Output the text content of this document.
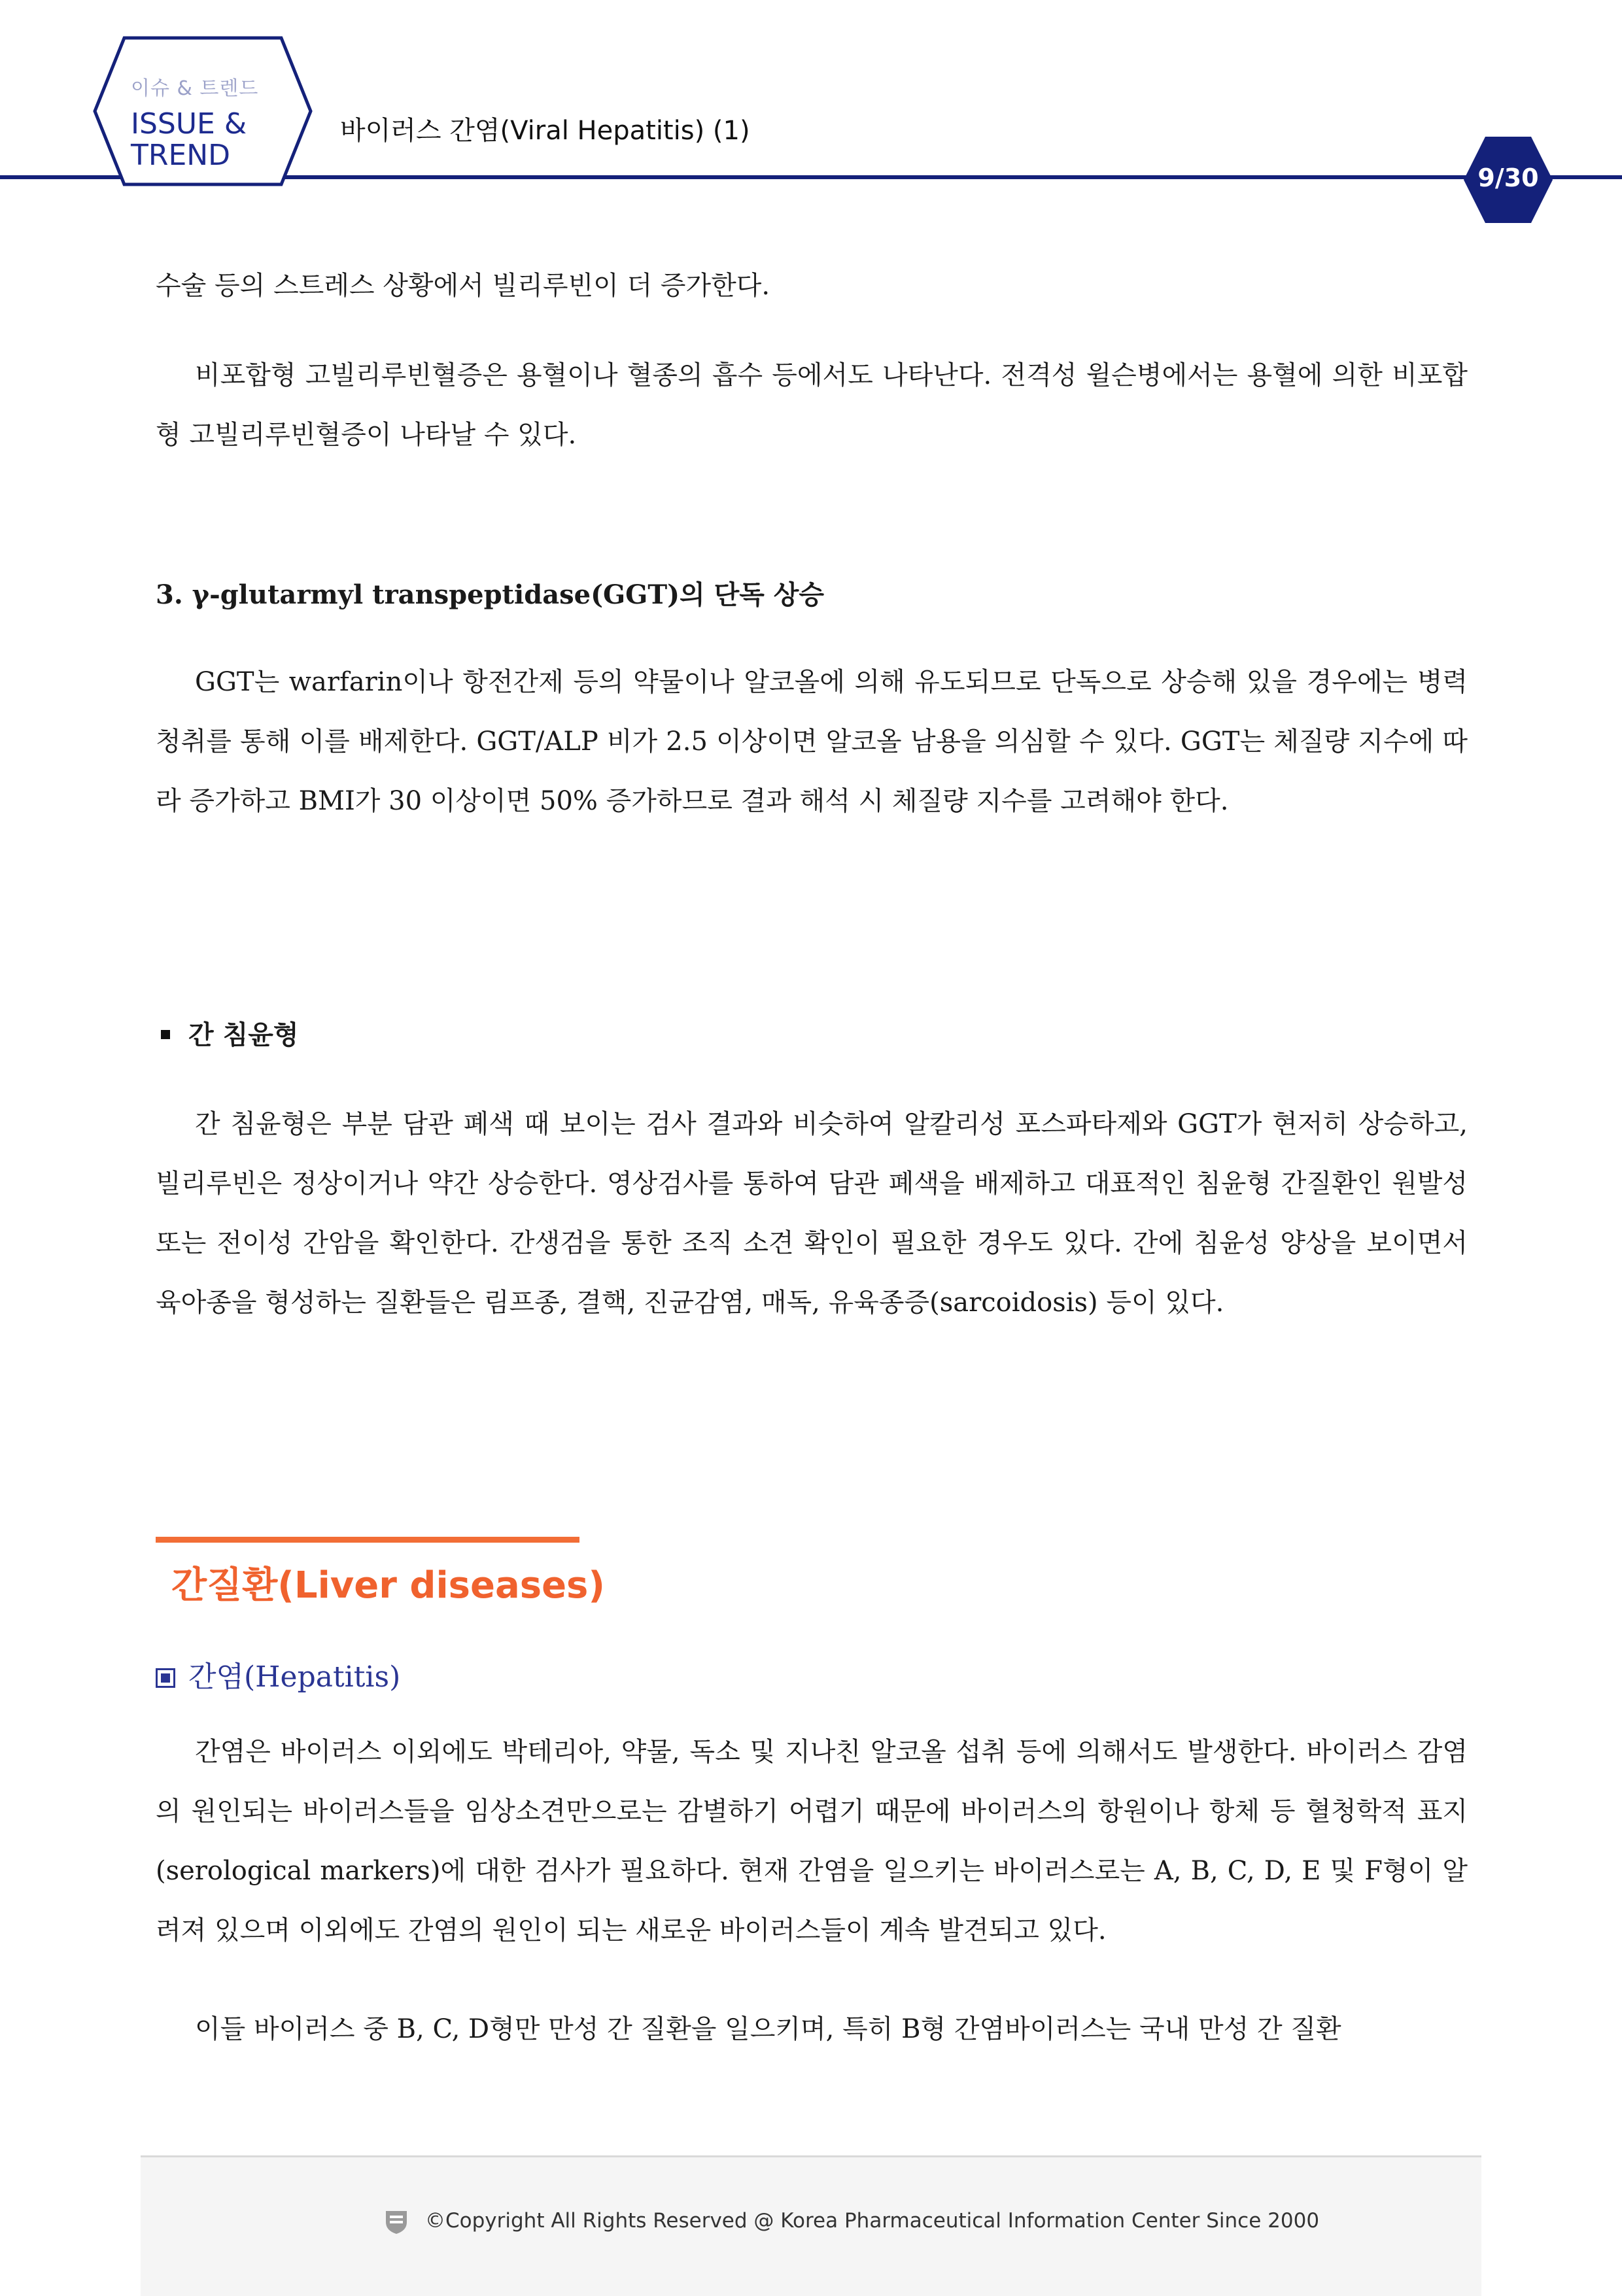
이슈 & 트렌드
ISSUE &
TREND
바이러스 간염(Viral Hepatitis) (1)
9/30

수술 등의 스트레스 상황에서 빌리루빈이 더 증가한다.

비포합형 고빌리루빈혈증은 용혈이나 혈종의 흡수 등에서도 나타난다. 전격성 윌슨병에서는 용혈에 의한 비포합형 고빌리루빈혈증이 나타날 수 있다.

3. γ-glutarmyl transpeptidase(GGT)의 단독 상승

GGT는 warfarin이나 항전간제 등의 약물이나 알코올에 의해 유도되므로 단독으로 상승해 있을 경우에는 병력 청취를 통해 이를 배제한다. GGT/ALP 비가 2.5 이상이면 알코올 남용을 의심할 수 있다. GGT는 체질량 지수에 따라 증가하고 BMI가 30 이상이면 50% 증가하므로 결과 해석 시 체질량 지수를 고려해야 한다.

간 침윤형

간 침윤형은 부분 담관 폐색 때 보이는 검사 결과와 비슷하여 알칼리성 포스파타제와 GGT가 현저히 상승하고, 빌리루빈은 정상이거나 약간 상승한다. 영상검사를 통하여 담관 폐색을 배제하고 대표적인 침윤형 간질환인 원발성 또는 전이성 간암을 확인한다. 간생검을 통한 조직 소견 확인이 필요한 경우도 있다. 간에 침윤성 양상을 보이면서 육아종을 형성하는 질환들은 림프종, 결핵, 진균감염, 매독, 유육종증(sarcoidosis) 등이 있다.

간질환(Liver diseases)
간염(Hepatitis)

간염은 바이러스 이외에도 박테리아, 약물, 독소 및 지나친 알코올 섭취 등에 의해서도 발생한다. 바이러스 감염의 원인되는 바이러스들을 임상소견만으로는 감별하기 어렵기 때문에 바이러스의 항원이나 항체 등 혈청학적 표지(serological markers)에 대한 검사가 필요하다. 현재 간염을 일으키는 바이러스로는 A, B, C, D, E 및 F형이 알려져 있으며 이외에도 간염의 원인이 되는 새로운 바이러스들이 계속 발견되고 있다.

이들 바이러스 중 B, C, D형만 만성 간 질환을 일으키며, 특히 B형 간염바이러스는 국내 만성 간 질환

©Copyright All Rights Reserved @ Korea Pharmaceutical Information Center Since 2000
